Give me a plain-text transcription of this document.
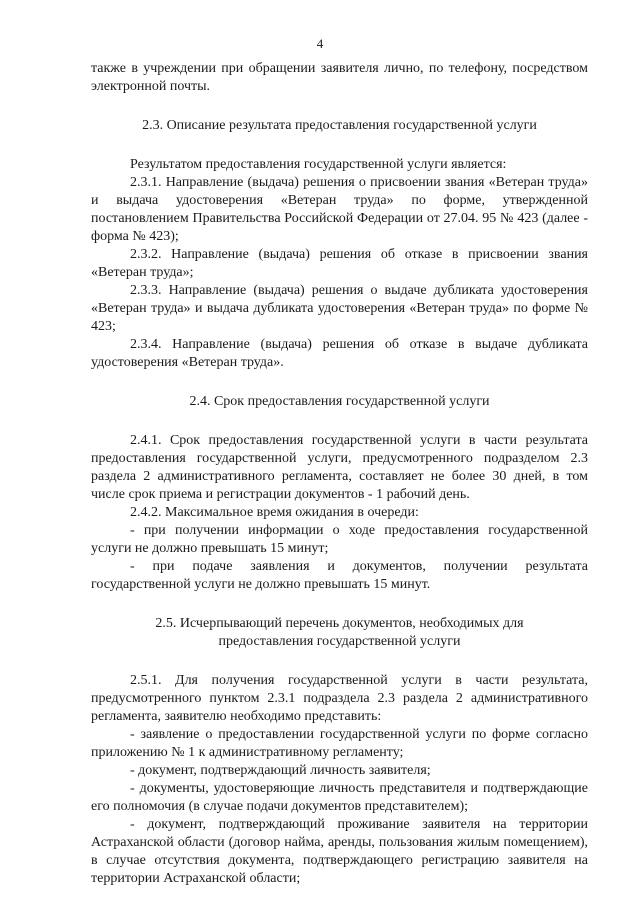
4

также в учреждении при обращении заявителя лично, по телефону, посредством электронной почты.

2.3. Описание результата предоставления государственной услуги

Результатом предоставления государственной услуги является:

2.3.1. Направление (выдача) решения о присвоении звания «Ветеран труда» и выдача удостоверения «Ветеран труда» по форме, утвержденной постановлением Правительства Российской Федерации от 27.04. 95 № 423 (далее - форма № 423);

2.3.2. Направление (выдача) решения об отказе в присвоении звания «Ветеран труда»;

2.3.3. Направление (выдача) решения о выдаче дубликата удостоверения «Ветеран труда» и выдача дубликата удостоверения «Ветеран труда» по форме № 423;

2.3.4. Направление (выдача) решения об отказе в выдаче дубликата удостоверения «Ветеран труда».

2.4. Срок предоставления государственной услуги

2.4.1. Срок предоставления государственной услуги в части результата предоставления государственной услуги, предусмотренного подразделом 2.3 раздела 2 административного регламента, составляет не более 30 дней, в том числе срок приема и регистрации документов - 1 рабочий день.

2.4.2. Максимальное время ожидания в очереди:

- при получении информации о ходе предоставления государственной услуги не должно превышать 15 минут;

- при подаче заявления и документов, получении результата государственной услуги не должно превышать 15 минут.

2.5. Исчерпывающий перечень документов, необходимых для предоставления государственной услуги

2.5.1. Для получения государственной услуги в части результата, предусмотренного пунктом 2.3.1 подраздела 2.3 раздела 2 административного регламента, заявителю необходимо представить:

- заявление о предоставлении государственной услуги по форме согласно приложению № 1 к административному регламенту;

- документ, подтверждающий личность заявителя;

- документы, удостоверяющие личность представителя и подтверждающие его полномочия (в случае подачи документов представителем);

- документ, подтверждающий проживание заявителя на территории Астраханской области (договор найма, аренды, пользования жилым помещением), в случае отсутствия документа, подтверждающего регистрацию заявителя на территории Астраханской области;
